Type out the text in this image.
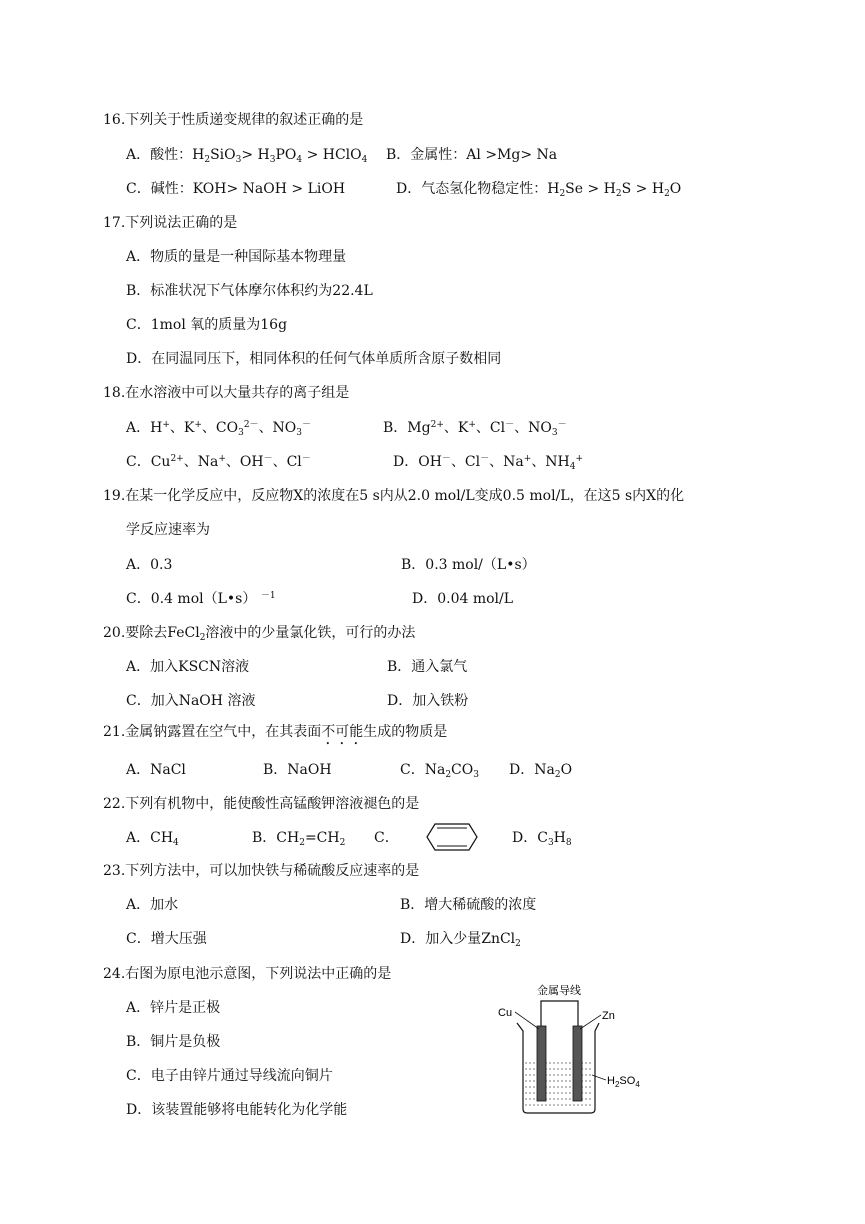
16.下列关于性质递变规律的叙述正确的是
A．酸性：$H_2SiO_3> H_3PO_4$ > HClO$_4$ B．金属性：Al >Mg> Na
C．碱性：KOH> NaOH > LiOH	D．气态氢化物稳定性：$H_2Se > H_2S > H_2O$
17.下列说法正确的是
A．物质的量是一种国际基本物理量
B．标准状况下气体摩尔体积约为22.4L
C．1mol 氧的质量为16g
D．在同温同压下，相同体积的任何气体单质所含原子数相同
18.在水溶液中可以大量共存的离子组是
A．H+、K+、$CO_3^{2-}$、$NO_3^-$	B．$Mg^{2+}$、K+、Cl－、$NO_3^-$
C．$Cu^{2+}$、Na+、OH－、Cl－	D．OH－、Cl－、Na+、$NH_4^+$
19.在某一化学反应中，反应物X的浓度在5 s内从2.0 mol/L变成0.5 mol/L，在这5 s内X的化
学反应速率为
A．0.3	B．0.3 mol/（L•s）
C．0.4 mol（L•s） $^{-1}$	D．0.04 mol/L
20.要除去FeCl$_2$溶液中的少量氯化铁，可行的办法
A．加入KSCN溶液	B．通入氯气
C．加入NaOH 溶液	D．加入铁粉
21.金属钠露置在空气中，在其表面不可能生成的物质是
A．NaCl	B．NaOH	C．$Na_2CO_3$ D．$Na_2O$
22.下列有机物中，能使酸性高锰酸钾溶液褪色的是
A．$CH_4$	B．$CH_2=CH_2$ C．	D．$C_3H_8$
23.下列方法中，可以加快铁与稀硫酸反应速率的是
A．加水	B．增大稀硫酸的浓度
C．增大压强	D．加入少量ZnCl$_2$
24.右图为原电池示意图，下列说法中正确的是
A．锌片是正极
B．铜片是负极
C．电子由锌片通过导线流向铜片
D．该装置能够将电能转化为化学能
金属导线
Cu	Zn
$H_2SO_4$
